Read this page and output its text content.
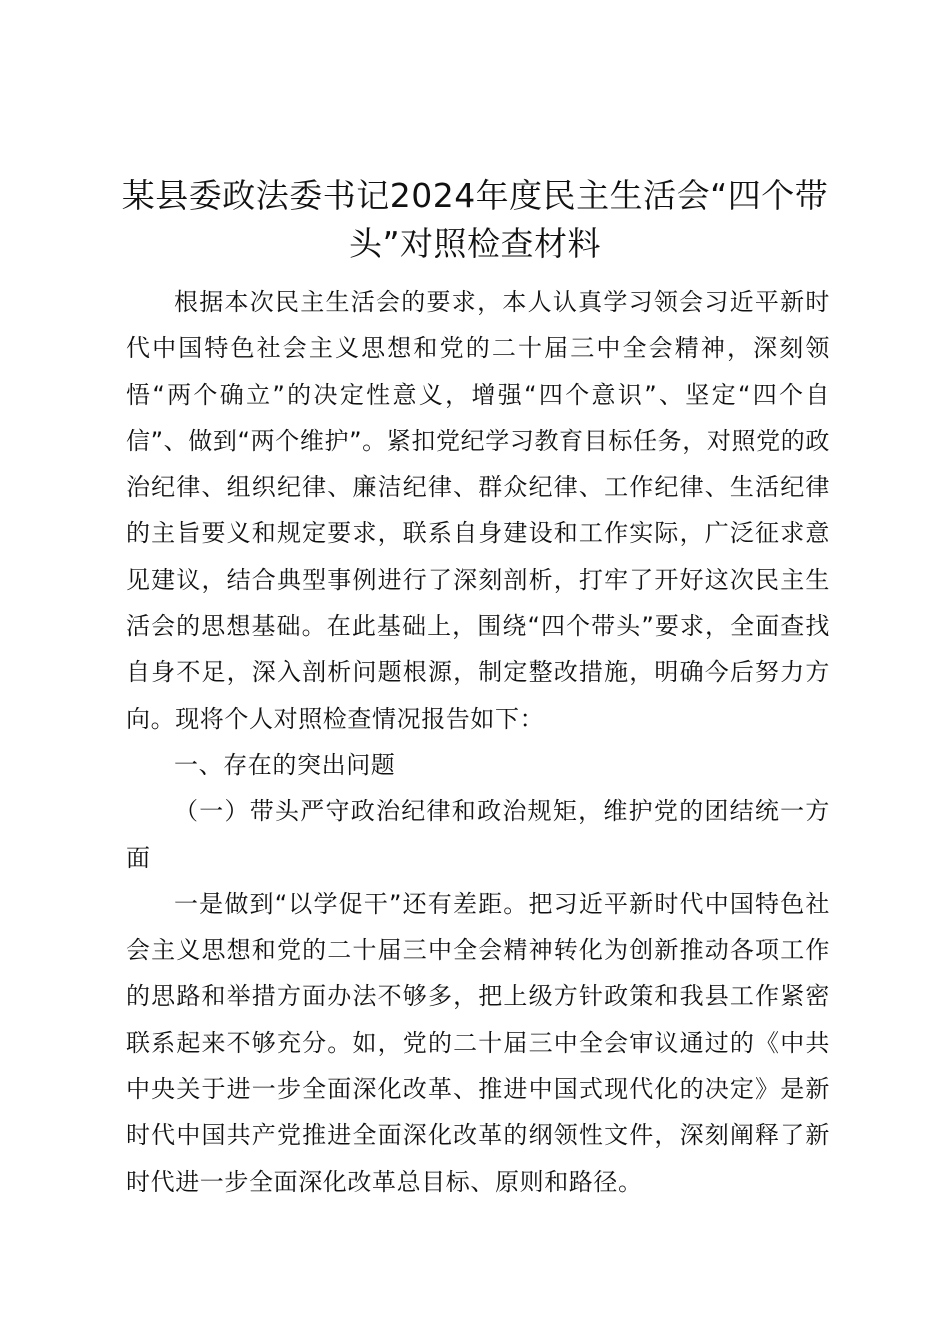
某县委政法委书记2024年度民主生活会“四个带头”对照检查材料

根据本次民主生活会的要求，本人认真学习领会习近平新时代中国特色社会主义思想和党的二十届三中全会精神，深刻领悟“两个确立”的决定性意义，增强“四个意识”、坚定“四个自信”、做到“两个维护”。紧扣党纪学习教育目标任务，对照党的政治纪律、组织纪律、廉洁纪律、群众纪律、工作纪律、生活纪律的主旨要义和规定要求，联系自身建设和工作实际，广泛征求意见建议，结合典型事例进行了深刻剖析，打牢了开好这次民主生活会的思想基础。在此基础上，围绕“四个带头”要求，全面查找自身不足，深入剖析问题根源，制定整改措施，明确今后努力方向。现将个人对照检查情况报告如下：

一、存在的突出问题

（一）带头严守政治纪律和政治规矩，维护党的团结统一方面

一是做到“以学促干”还有差距。把习近平新时代中国特色社会主义思想和党的二十届三中全会精神转化为创新推动各项工作的思路和举措方面办法不够多，把上级方针政策和我县工作紧密联系起来不够充分。如，党的二十届三中全会审议通过的《中共中央关于进一步全面深化改革、推进中国式现代化的决定》是新时代中国共产党推进全面深化改革的纲领性文件，深刻阐释了新时代进一步全面深化改革总目标、原则和路径。
